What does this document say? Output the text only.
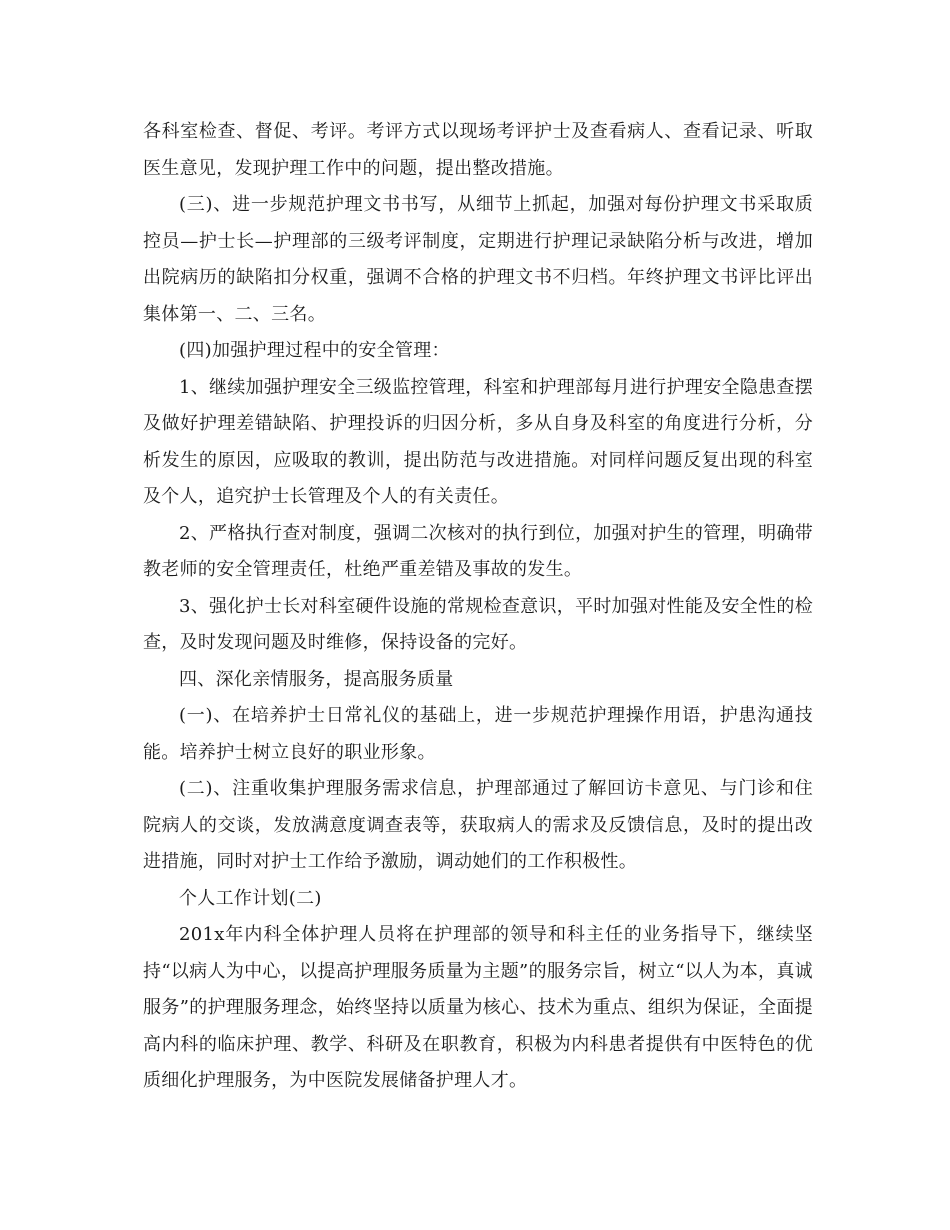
各科室检查、督促、考评。考评方式以现场考评护士及查看病人、查看记录、听取医生意见，发现护理工作中的问题，提出整改措施。

(三)、进一步规范护理文书书写，从细节上抓起，加强对每份护理文书采取质控员—护士长—护理部的三级考评制度，定期进行护理记录缺陷分析与改进，增加出院病历的缺陷扣分权重，强调不合格的护理文书不归档。年终护理文书评比评出集体第一、二、三名。

(四)加强护理过程中的安全管理：

1、继续加强护理安全三级监控管理，科室和护理部每月进行护理安全隐患查摆及做好护理差错缺陷、护理投诉的归因分析，多从自身及科室的角度进行分析，分析发生的原因，应吸取的教训，提出防范与改进措施。对同样问题反复出现的科室及个人，追究护士长管理及个人的有关责任。

2、严格执行查对制度，强调二次核对的执行到位，加强对护生的管理，明确带教老师的安全管理责任，杜绝严重差错及事故的发生。

3、强化护士长对科室硬件设施的常规检查意识，平时加强对性能及安全性的检查，及时发现问题及时维修，保持设备的完好。

四、深化亲情服务，提高服务质量

(一)、在培养护士日常礼仪的基础上，进一步规范护理操作用语，护患沟通技能。培养护士树立良好的职业形象。

(二)、注重收集护理服务需求信息，护理部通过了解回访卡意见、与门诊和住院病人的交谈，发放满意度调查表等，获取病人的需求及反馈信息，及时的提出改进措施，同时对护士工作给予激励，调动她们的工作积极性。

个人工作计划(二)

201x年内科全体护理人员将在护理部的领导和科主任的业务指导下，继续坚持“以病人为中心，以提高护理服务质量为主题”的服务宗旨，树立“以人为本，真诚服务”的护理服务理念，始终坚持以质量为核心、技术为重点、组织为保证，全面提高内科的临床护理、教学、科研及在职教育，积极为内科患者提供有中医特色的优质细化护理服务，为中医院发展储备护理人才。
